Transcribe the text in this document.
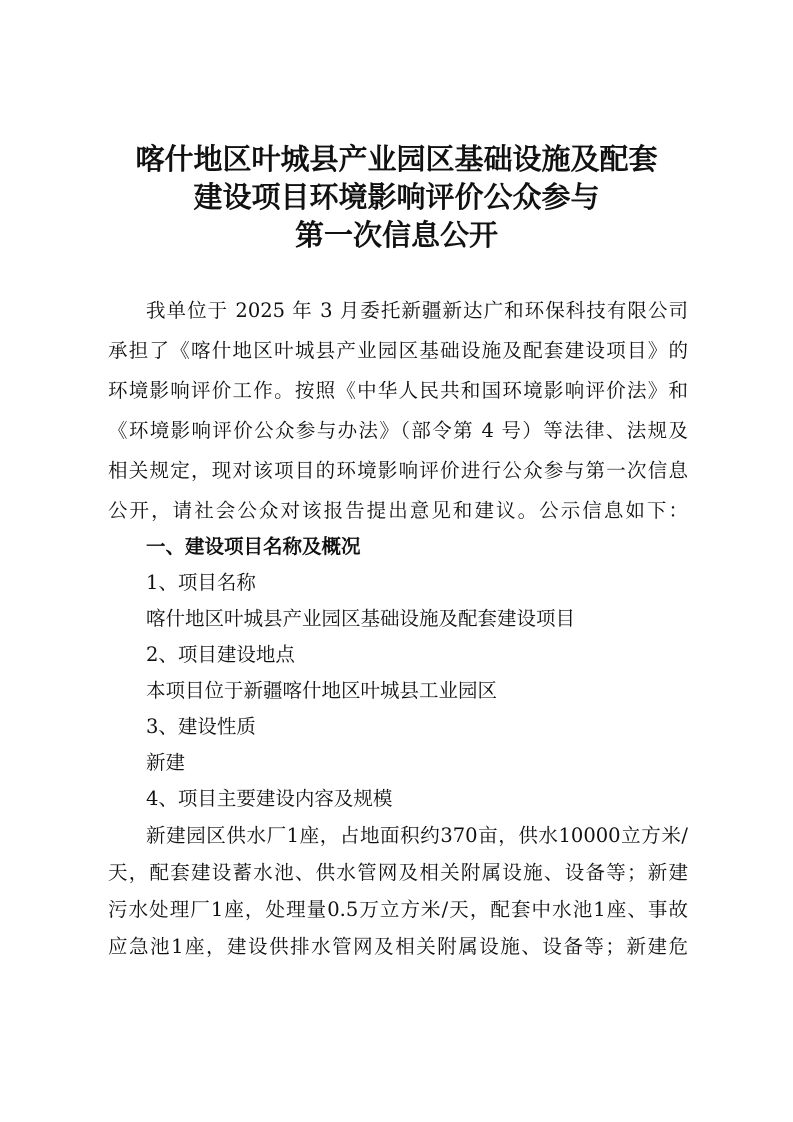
喀什地区叶城县产业园区基础设施及配套
建设项目环境影响评价公众参与
第一次信息公开
我单位于 2025 年 3 月委托新疆新达广和环保科技有限公司
承担了《喀什地区叶城县产业园区基础设施及配套建设项目》的
环境影响评价工作。按照《中华人民共和国环境影响评价法》和
《环境影响评价公众参与办法》（部令第 4 号）等法律、法规及
相关规定，现对该项目的环境影响评价进行公众参与第一次信息
公开，请社会公众对该报告提出意见和建议。公示信息如下：
一、建设项目名称及概况
1、项目名称
喀什地区叶城县产业园区基础设施及配套建设项目
2、项目建设地点
本项目位于新疆喀什地区叶城县工业园区
3、建设性质
新建
4、项目主要建设内容及规模
新建园区供水厂1座，占地面积约370亩，供水10000立方米/
天，配套建设蓄水池、供水管网及相关附属设施、设备等；新建
污水处理厂1座，处理量0.5万立方米/天，配套中水池1座、事故
应急池1座，建设供排水管网及相关附属设施、设备等；新建危
